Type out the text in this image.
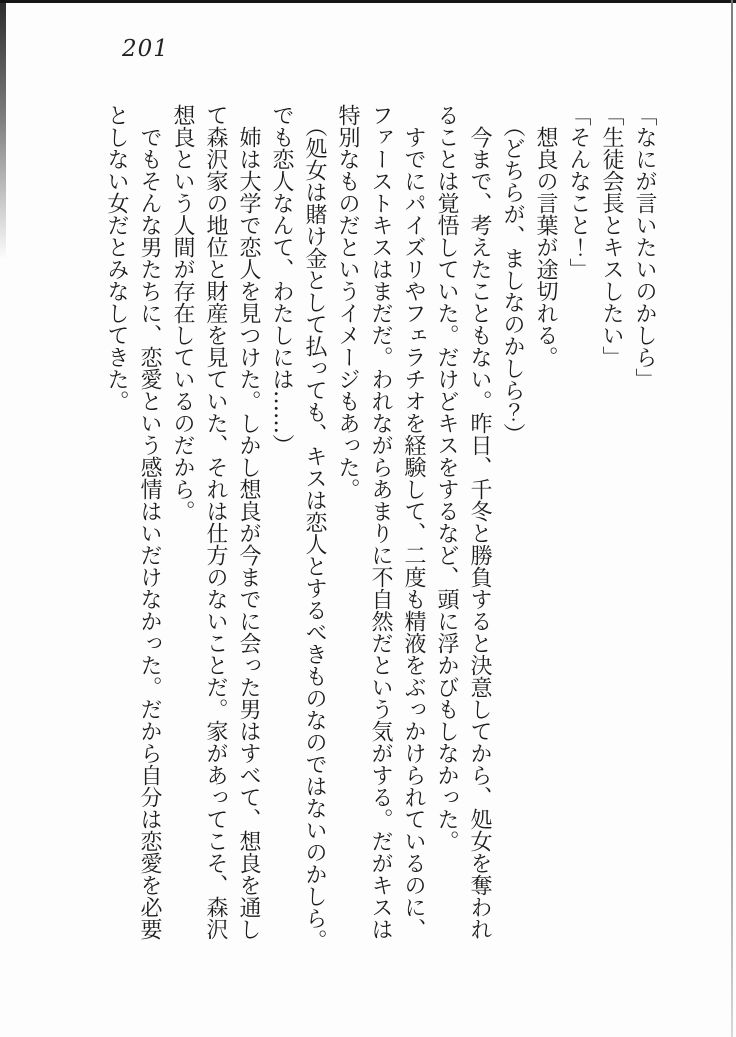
201
「なにが言いたいのかしら」
「生徒会長とキスしたい」
「そんなこと！」
　想良の言葉が途切れる。
　（どちらが、ましなのかしら？）
　今まで、考えたこともない。昨日、千冬と勝負すると決意してから、処女を奪われ
ることは覚悟していた。だけどキスをするなど、頭に浮かびもしなかった。
　すでにパイズリやフェラチオを経験して、二度も精液をぶっかけられているのに、
ファーストキスはまだだ。われながらあまりに不自然だという気がする。だがキスは
特別なものだというイメージもあった。
　（処女は賭け金として払っても、キスは恋人とするべきものなのではないのかしら。
でも恋人なんて、わたしには……）
　姉は大学で恋人を見つけた。しかし想良が今までに会った男はすべて、想良を通し
て森沢家の地位と財産を見ていた、それは仕方のないことだ。家があってこそ、森沢
想良という人間が存在しているのだから。
　でもそんな男たちに、恋愛という感情はいだけなかった。だから自分は恋愛を必要
としない女だとみなしてきた。
